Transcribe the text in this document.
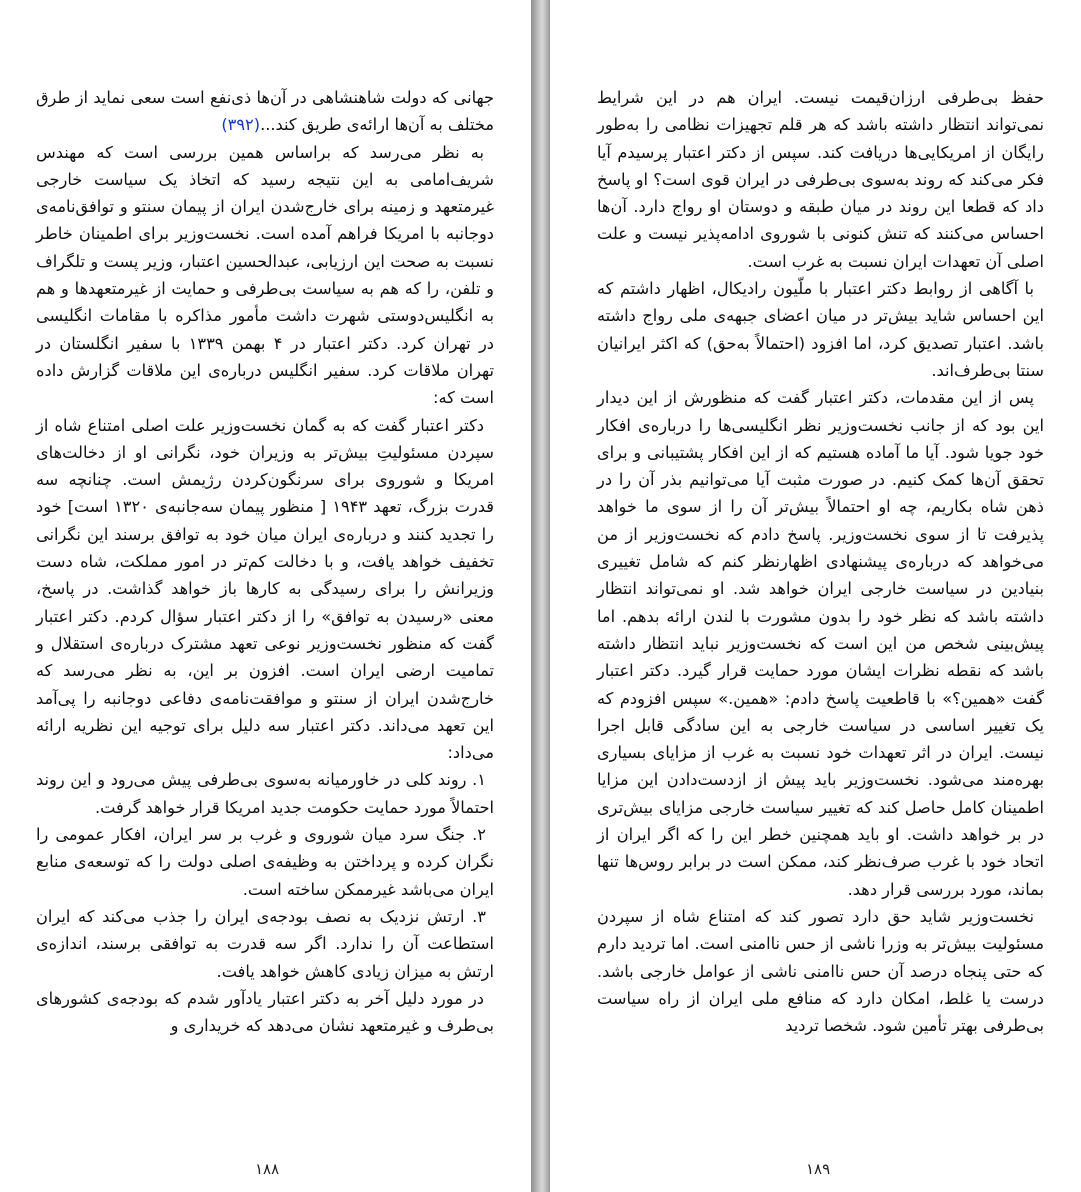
جهانی که دولت شاهنشاهی در آن‌ها ذی‌نفع است سعی نماید از طرق مختلف به آن‌ها ارائه‌ی طریق کند...(۳۹۲)

به نظر می‌رسد که براساس همین بررسی است که مهندس شریف‌امامی به این نتیجه رسید که اتخاذ یک سیاست خارجی غیرمتعهد و زمینه برای خارج‌شدن ایران از پیمان سنتو و توافق‌نامه‌ی دوجانبه با امریکا فراهم آمده است. نخست‌وزیر برای اطمینان خاطر نسبت به صحت این ارزیابی، عبدالحسین اعتبار، وزیر پست و تلگراف و تلفن، را که هم به سیاست بی‌طرفی و حمایت از غیرمتعهدها و هم به انگلیس‌دوستی شهرت داشت مأمور مذاکره با مقامات انگلیسی در تهران کرد. دکتر اعتبار در ۴ بهمن ۱۳۳۹ با سفیر انگلستان در تهران ملاقات کرد. سفیر انگلیس درباره‌ی این ملاقات گزارش داده است که:

دکتر اعتبار گفت که به گمان نخست‌وزیر علت اصلی امتناع شاه از سپردن مسئولیتِ بیش‌تر به وزیران خود، نگرانی او از دخالت‌های امریکا و شوروی برای سرنگون‌کردن رژیمش است. چنانچه سه قدرت بزرگ، تعهد ۱۹۴۳ [ منظور پیمان سه‌جانبه‌ی ۱۳۲۰ است] خود را تجدید کنند و درباره‌ی ایران میان خود به توافق برسند این نگرانی تخفیف خواهد یافت، و با دخالت کم‌تر در امور مملکت، شاه دست وزیرانش را برای رسیدگی به کارها باز خواهد گذاشت. در پاسخ، معنی «رسیدن به توافق» را از دکتر اعتبار سؤال کردم. دکتر اعتبار گفت که منظور نخست‌وزیر نوعی تعهد مشترک درباره‌ی استقلال و تمامیت ارضی ایران است. افزون بر این، به نظر می‌رسد که خارج‌شدن ایران از سنتو و موافقت‌نامه‌ی دفاعی دوجانبه را پی‌آمد این تعهد می‌داند. دکتر اعتبار سه دلیل برای توجیه این نظریه ارائه می‌داد:

۱. روند کلی در خاورمیانه به‌سوی بی‌طرفی پیش می‌رود و این روند احتمالاً مورد حمایت حکومت جدید امریکا قرار خواهد گرفت.

۲. جنگ سرد میان شوروی و غرب بر سر ایران، افکار عمومی را نگران کرده و پرداختن به وظیفه‌ی اصلی دولت را که توسعه‌ی منابع ایران می‌باشد غیرممکن ساخته است.

۳. ارتش نزدیک به نصف بودجه‌ی ایران را جذب می‌کند که ایران استطاعت آن را ندارد. اگر سه قدرت به توافقی برسند، اندازه‌ی ارتش به میزان زیادی کاهش خواهد یافت.

در مورد دلیل آخر به دکتر اعتبار یادآور شدم که بودجه‌ی کشورهای بی‌طرف و غیرمتعهد نشان می‌دهد که خریداری و

۱۸۸

حفظ بی‌طرفی ارزان‌قیمت نیست. ایران هم در این شرایط نمی‌تواند انتظار داشته باشد که هر قلم تجهیزات نظامی را به‌طور رایگان از امریکایی‌ها دریافت کند. سپس از دکتر اعتبار پرسیدم آیا فکر می‌کند که روند به‌سوی بی‌طرفی در ایران قوی است؟ او پاسخ داد که قطعا این روند در میان طبقه و دوستان او رواج دارد. آن‌ها احساس می‌کنند که تنش کنونی با شوروی ادامه‌پذیر نیست و علت اصلی آن تعهدات ایران نسبت به غرب است.

با آگاهی از روابط دکتر اعتبار با ملّیون رادیکال، اظهار داشتم که این احساس شاید بیش‌تر در میان اعضای جبهه‌ی ملی رواج داشته باشد. اعتبار تصدیق کرد، اما افزود (احتمالاً به‌حق) که اکثر ایرانیان سنتا بی‌طرف‌اند.

پس از این مقدمات، دکتر اعتبار گفت که منظورش از این دیدار این بود که از جانب نخست‌وزیر نظر انگلیسی‌ها را درباره‌ی افکار خود جویا شود. آیا ما آماده هستیم که از این افکار پشتیبانی و برای تحقق آن‌ها کمک کنیم. در صورت مثبت آیا می‌توانیم بذر آن را در ذهن شاه بکاریم، چه او احتمالاً بیش‌تر آن را از سوی ما خواهد پذیرفت تا از سوی نخست‌وزیر. پاسخ دادم که نخست‌وزیر از من می‌خواهد که درباره‌ی پیشنهادی اظهارنظر کنم که شامل تغییری بنیادین در سیاست خارجی ایران خواهد شد. او نمی‌تواند انتظار داشته باشد که نظر خود را بدون مشورت با لندن ارائه بدهم. اما پیش‌بینی شخص من این است که نخست‌وزیر نباید انتظار داشته باشد که نقطه نظرات ایشان مورد حمایت قرار گیرد. دکتر اعتبار گفت «همین؟» با قاطعیت پاسخ دادم: «همین.» سپس افزودم که یک تغییر اساسی در سیاست خارجی به این سادگی قابل اجرا نیست. ایران در اثر تعهدات خود نسبت به غرب از مزایای بسیاری بهره‌مند می‌شود. نخست‌وزیر باید پیش از ازدست‌دادن این مزایا اطمینان کامل حاصل کند که تغییر سیاست خارجی مزایای بیش‌تری در بر خواهد داشت. او باید همچنین خطر این را که اگر ایران از اتحاد خود با غرب صرف‌نظر کند، ممکن است در برابر روس‌ها تنها بماند، مورد بررسی قرار دهد.

نخست‌وزیر شاید حق دارد تصور کند که امتناع شاه از سپردن مسئولیت بیش‌تر به وزرا ناشی از حس ناامنی است. اما تردید دارم که حتی پنجاه درصد آن حس ناامنی ناشی از عوامل خارجی باشد. درست یا غلط، امکان دارد که منافع ملی ایران از راه سیاست بی‌طرفی بهتر تأمین شود. شخصا تردید

۱۸۹
